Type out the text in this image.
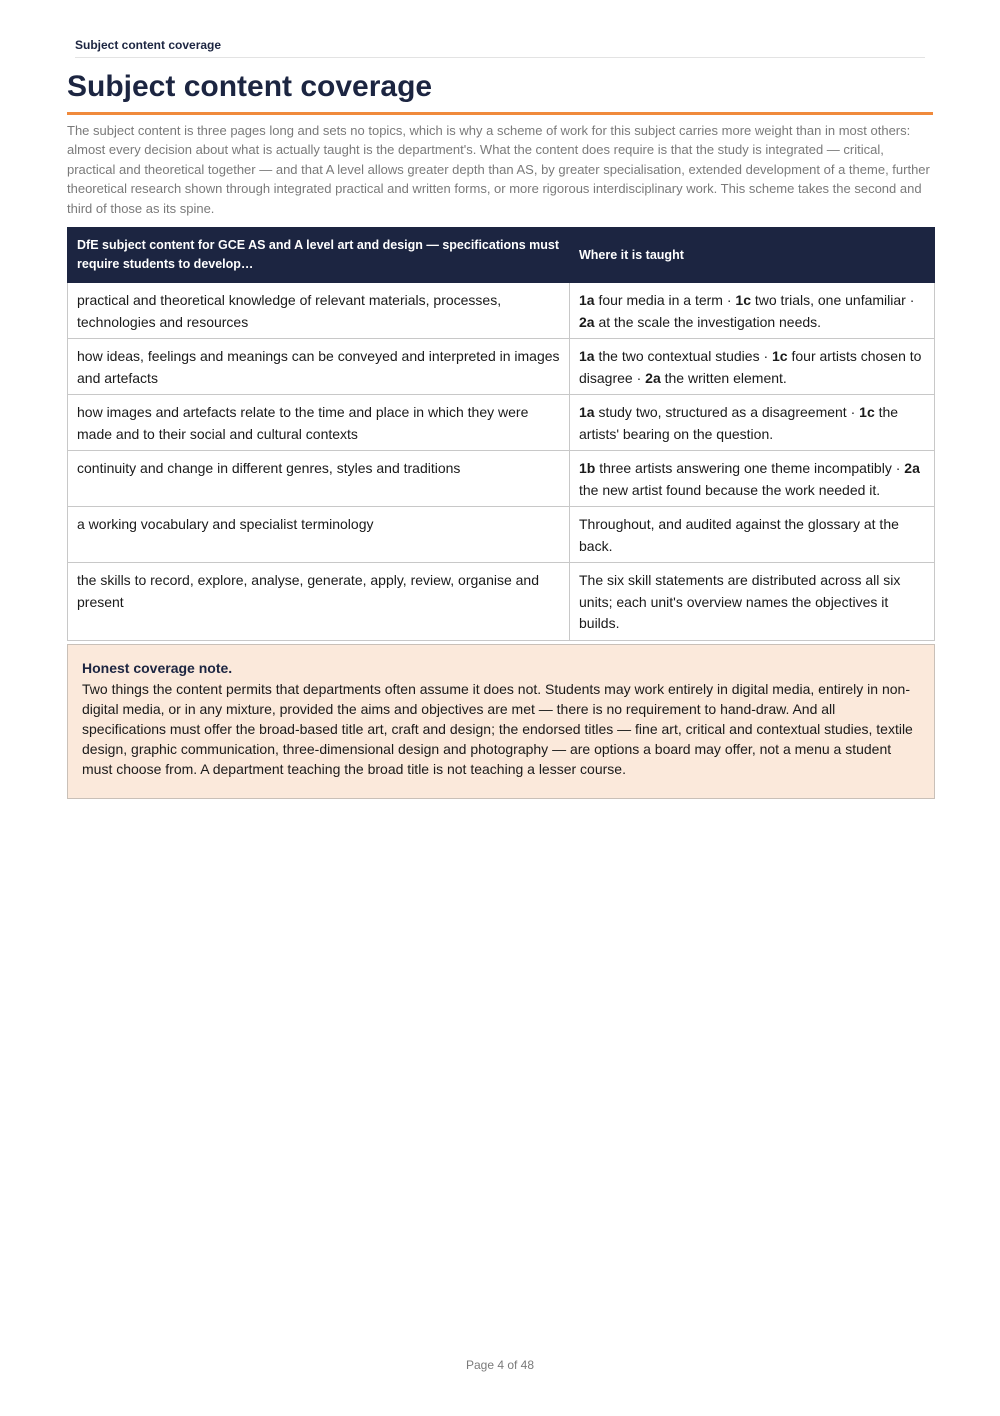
Subject content coverage
Subject content coverage

The subject content is three pages long and sets no topics, which is why a scheme of work for this subject carries more weight than in most others: almost every decision about what is actually taught is the department's. What the content does require is that the study is integrated — critical, practical and theoretical together — and that A level allows greater depth than AS, by greater specialisation, extended development of a theme, further theoretical research shown through integrated practical and written forms, or more rigorous interdisciplinary work. This scheme takes the second and third of those as its spine.

DfE subject content for GCE AS and A level art and design — specifications must require students to develop…	Where it is taught
practical and theoretical knowledge of relevant materials, processes, technologies and resources	1a four media in a term · 1c two trials, one unfamiliar · 2a at the scale the investigation needs.
how ideas, feelings and meanings can be conveyed and interpreted in images and artefacts	1a the two contextual studies · 1c four artists chosen to disagree · 2a the written element.
how images and artefacts relate to the time and place in which they were made and to their social and cultural contexts	1a study two, structured as a disagreement · 1c the artists' bearing on the question.
continuity and change in different genres, styles and traditions	1b three artists answering one theme incompatibly · 2a the new artist found because the work needed it.
a working vocabulary and specialist terminology	Throughout, and audited against the glossary at the back.
the skills to record, explore, analyse, generate, apply, review, organise and present	The six skill statements are distributed across all six units; each unit's overview names the objectives it builds.
Honest coverage note.
Two things the content permits that departments often assume it does not. Students may work entirely in digital media, entirely in non-digital media, or in any mixture, provided the aims and objectives are met — there is no requirement to hand-draw. And all specifications must offer the broad-based title art, craft and design; the endorsed titles — fine art, critical and contextual studies, textile design, graphic communication, three-dimensional design and photography — are options a board may offer, not a menu a student must choose from. A department teaching the broad title is not teaching a lesser course.
Page 4 of 48
